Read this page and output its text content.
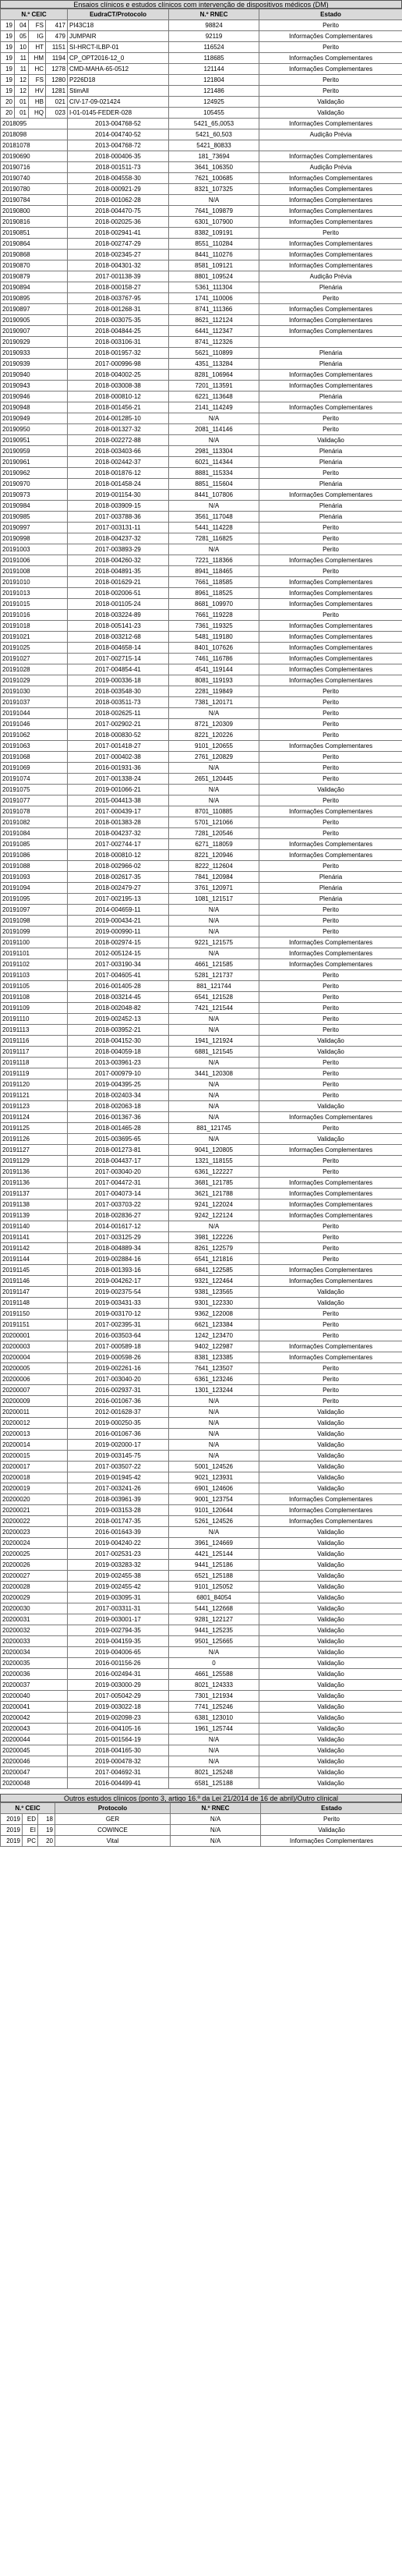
Ensaios clínicos e estudos clínicos com intervenção de dispositivos médicos (DM)
N.º CEIC				EudraCT/Protocolo	N.º RNEC	Estado
19	04	FS	417	PI43C18	98824	Perito
19	05	IG	479	JUMPAIR	92119	Informações Complementares
19	10	HT	1151	SI-HRCT-ILBP-01	116524	Perito
19	11	HM	1194	CP_OPT2016-12_0	118685	Informações Complementares
19	11	HC	1278	CMD-MAHA-65-0512	121144	Informações Complementares
19	12	FS	1280	P226D18	121804	Perito
19	12	HV	1281	StimAll	121486	Perito
20	01	HB	021	CIV-17-09-021424	124925	Validação
20	01	HQ	023	I-01-0145-FEDER-028	105455	Validação
2018095				2013-004768-52	5421_65,0053	Informações Complementares
2018098				2014-004740-52	5421_60,503	Audição Prévia
20181078				2013-004768-72	5421_80833	
20190690				2018-000406-35	181_73694	Informações Complementares
20190716				2018-001511-73	3641_106350	Audição Prévia
20190740				2018-004558-30	7621_100685	Informações Complementares
20190780				2018-000921-29	8321_107325	Informações Complementares
20190784				2018-001062-28	N/A	Informações Complementares
20190800				2018-004470-75	7641_109879	Informações Complementares
20190816				2018-002025-36	6301_107900	Informações Complementares
20190851				2018-002941-41	8382_109191	Perito
20190864				2018-002747-29	8551_110284	Informações Complementares
20190868				2018-002345-27	8441_110276	Informações Complementares
20190870				2018-004301-32	8581_109121	Informações Complementares
20190879				2017-001138-39	8801_109524	Audição Prévia
20190894				2018-000158-27	5361_111304	Plenária
20190895				2018-003767-95	1741_110006	Perito
20190897				2018-001268-31	8741_111366	Informações Complementares
20190905				2018-003075-35	8621_112124	Informações Complementares
20190907				2018-004844-25	6441_112347	Informações Complementares
20190929				2018-003106-31	8741_112326	
20190933				2018-001957-32	5621_110899	Plenária
20190939				2017-000996-98	4351_113284	Plenária
20190940				2018-004002-25	8281_106964	Informações Complementares
20190943				2018-003008-38	7201_113591	Informações Complementares
20190946				2018-000810-12	6221_113648	Plenária
20190948				2018-001456-21	2141_114249	Informações Complementares
20190949				2014-001285-10	N/A	Perito
20190950				2018-001327-32	2081_114146	Perito
20190951				2018-002272-88	N/A	Validação
20190959				2018-003403-66	2981_113304	Plenária
20190961				2018-002442-37	6021_114344	Plenária
20190962				2018-001876-12	8881_115334	Perito
20190970				2018-001458-24	8851_115604	Plenária
20190973				2019-001154-30	8441_107806	Informações Complementares
20190984				2018-003909-15	N/A	Plenária
20190985				2017-003788-36	3561_117048	Plenária
20190997				2017-003131-11	5441_114228	Perito
20190998				2018-004237-32	7281_116825	Perito
20191003				2017-003893-29	N/A	Perito
20191006				2018-004260-32	7221_118366	Informações Complementares
20191008				2018-004891-35	8941_118465	Perito
20191010				2018-001629-21	7661_118585	Informações Complementares
20191013				2018-002006-51	8961_118525	Informações Complementares
20191015				2018-001105-24	8681_109970	Informações Complementares
20191016				2018-003224-89	7661_119228	Perito
20191018				2018-005141-23	7361_119325	Informações Complementares
20191021				2018-003212-68	5481_119180	Informações Complementares
20191025				2018-004658-14	8401_107626	Informações Complementares
20191027				2017-002715-14	7461_116786	Informações Complementares
20191028				2017-004854-41	4541_119144	Informações Complementares
20191029				2019-000336-18	8081_119193	Informações Complementares
20191030				2018-003548-30	2281_119849	Perito
20191037				2018-003511-73	7381_120171	Perito
20191044				2018-002625-11	N/A	Perito
20191046				2017-002902-21	8721_120309	Perito
20191062				2018-000830-52	8221_120226	Perito
20191063				2017-001418-27	9101_120655	Informações Complementares
20191068				2017-000402-38	2761_120829	Perito
20191069				2016-001931-36	N/A	Perito
20191074				2017-001338-24	2651_120445	Perito
20191075				2019-001066-21	N/A	Validação
20191077				2015-004413-38	N/A	Perito
20191078				2017-000439-17	8701_110885	Informações Complementares
20191082				2018-001383-28	5701_121066	Perito
20191084				2018-004237-32	7281_120546	Perito
20191085				2017-002744-17	6271_118059	Informações Complementares
20191086				2018-000810-12	8221_120946	Informações Complementares
20191088				2018-002966-02	8222_112604	Perito
20191093				2018-002617-35	7841_120984	Plenária
20191094				2018-002479-27	3761_120971	Plenária
20191095				2017-002195-13	1081_121517	Plenária
20191097				2014-004659-11	N/A	Perito
20191098				2019-000434-21	N/A	Perito
20191099				2019-000990-11	N/A	Perito
20191100				2018-002974-15	9221_121575	Informações Complementares
20191101				2012-005124-15	N/A	Informações Complementares
20191102				2017-003190-34	4661_121585	Informações Complementares
20191103				2017-004605-41	5281_121737	Perito
20191105				2016-001405-28	881_121744	Perito
20191108				2018-003214-45	6541_121528	Perito
20191109				2018-002048-82	7421_121544	Perito
20191110				2019-002452-13	N/A	Perito
20191113				2018-003952-21	N/A	Perito
20191116				2018-004152-30	1941_121924	Validação
20191117				2018-004059-18	6881_121545	Validação
20191118				2013-003961-23	N/A	Perito
20191119				2017-000979-10	3441_120308	Perito
20191120				2019-004395-25	N/A	Perito
20191121				2018-002403-34	N/A	Perito
20191123				2018-002063-18	N/A	Validação
20191124				2016-001367-36	N/A	Informações Complementares
20191125				2018-001465-28	881_121745	Perito
20191126				2015-003695-65	N/A	Validação
20191127				2018-001273-81	9041_120805	Informações Complementares
20191129				2018-004437-17	1321_118155	Perito
20191136				2017-003040-20	6361_122227	Perito
20191136				2017-004472-31	3681_121785	Informações Complementares
20191137				2017-004073-14	3621_121788	Informações Complementares
20191138				2017-003703-22	9241_122024	Informações Complementares
20191139				2018-002836-27	9242_122124	Informações Complementares
20191140				2014-001617-12	N/A	Perito
20191141				2017-003125-29	3981_122226	Perito
20191142				2018-004889-34	8261_122579	Perito
20191144				2019-002884-16	6541_121816	Perito
20191145				2018-001393-16	6841_122585	Informações Complementares
20191146				2019-004262-17	9321_122464	Informações Complementares
20191147				2019-002375-54	9381_123565	Validação
20191148				2019-003431-33	9301_122330	Validação
20191150				2019-003170-12	9362_122008	Perito
20191151				2017-002395-31	6621_123384	Perito
20200001				2016-003503-64	1242_123470	Perito
20200003				2017-000589-18	9402_122987	Informações Complementares
20200004				2019-000598-26	8381_123385	Informações Complementares
20200005				2019-002261-16	7641_123507	Perito
20200006				2017-003040-20	6361_123246	Perito
20200007				2016-002937-31	1301_123244	Perito
20200009				2016-001067-36	N/A	Perito
20200011				2012-001628-37	N/A	Validação
20200012				2019-000250-35	N/A	Validação
20200013				2016-001067-36	N/A	Validação
20200014				2019-002000-17	N/A	Validação
20200015				2019-003145-75	N/A	Validação
20200017				2017-003507-22	5001_124526	Validação
20200018				2019-001945-42	9021_123931	Validação
20200019				2017-003241-26	6901_124606	Validação
20200020				2018-003961-39	9001_123754	Informações Complementares
20200021				2019-003153-28	9101_120644	Informações Complementares
20200022				2018-001747-35	5261_124526	Informações Complementares
20200023				2016-001643-39	N/A	Validação
20200024				2019-004240-22	3961_124669	Validação
20200025				2017-002531-23	4421_125144	Validação
20200026				2019-003283-32	9441_125186	Validação
20200027				2019-002455-38	6521_125188	Validação
20200028				2019-002455-42	9101_125052	Validação
20200029				2019-003095-31	6801_84054	Validação
20200030				2017-003311-31	5441_122668	Validação
20200031				2019-003001-17	9281_122127	Validação
20200032				2019-002794-35	9441_125235	Validação
20200033				2019-004159-35	9501_125665	Validação
20200034				2019-004006-65	N/A	Validação
20200035				2016-001156-26	0	Validação
20200036				2016-002494-31	4661_125588	Validação
20200037				2019-003000-29	8021_124333	Validação
20200040				2017-005042-29	7301_121934	Validação
20200041				2019-003022-18	7741_125246	Validação
20200042				2019-002098-23	6381_123010	Validação
20200043				2016-004105-16	1961_125744	Validação
20200044				2015-001564-19	N/A	Validação
20200045				2018-004165-30	N/A	Validação
20200046				2019-000478-32	N/A	Validação
20200047				2017-004692-31	8021_125248	Validação
20200048				2016-004499-41	6581_125188	Validação
Outros estudos clínicos (ponto 3, artigo 16.º da Lei 21/2014 de 16 de abril)/Outro clínical
N.º CEIC			Protocolo	N.º RNEC	Estado
2019	ED	18	GER	N/A	Perito
2019	EI	19	COWINCE	N/A	Validação
2019	PC	20	Vital	N/A	Informações Complementares
